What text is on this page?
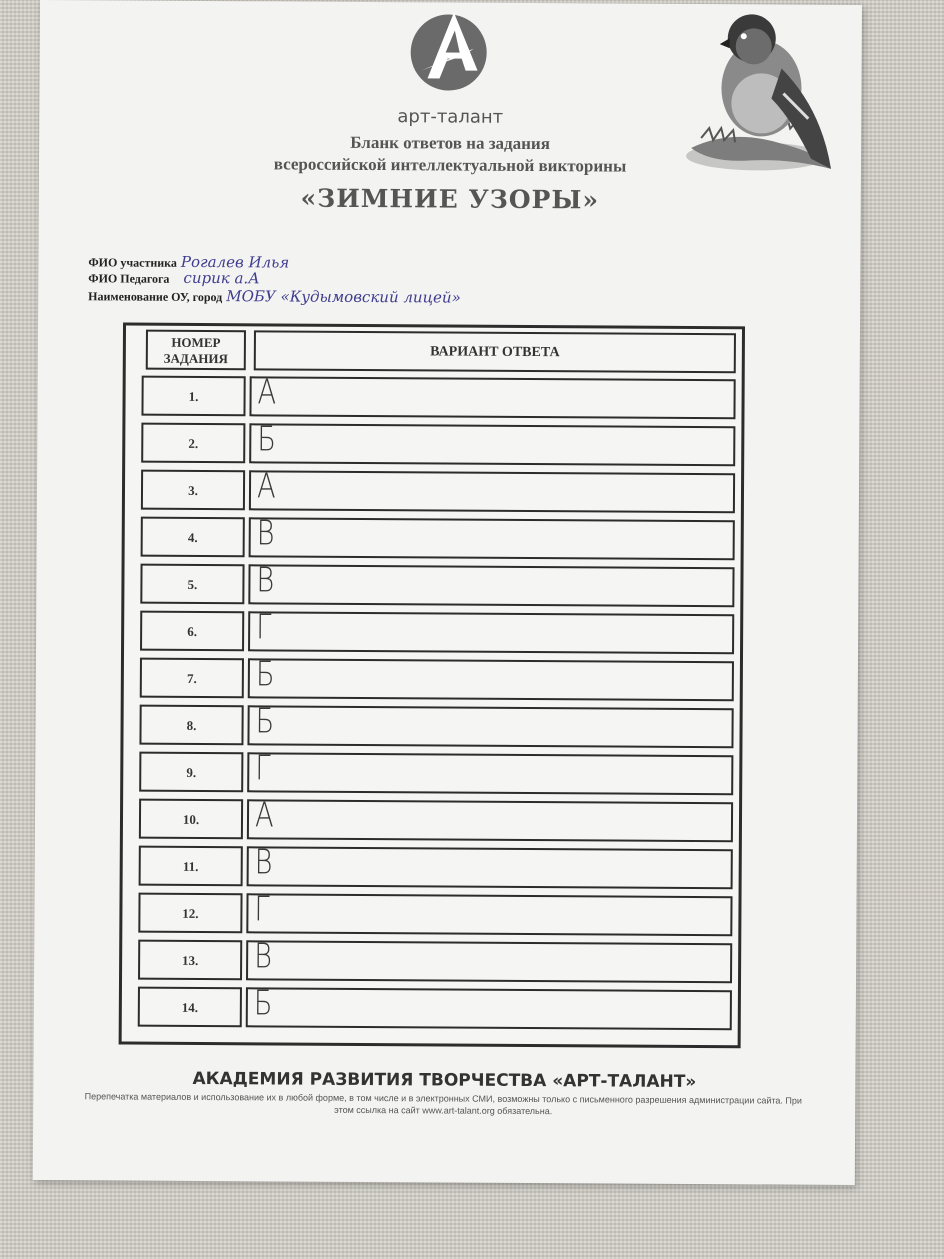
арт-талант
Бланк ответов на задания
всероссийской интеллектуальной викторины
«ЗИМНИЕ УЗОРЫ»
ФИО участника Рогалев Илья
ФИО Педагога сирик а.А
Наименование ОУ, город МОБУ «Кудымовский лицей»
НОМЕР
ЗАДАНИЯ	ВАРИАНТ ОТВЕТА
1.	А
2.	Б
3.	А
4.	В
5.	В
6.	Г
7.	Б
8.	Б
9.	Г
10.	А
11.	В
12.	Г
13.	В
14.	Б
АКАДЕМИЯ РАЗВИТИЯ ТВОРЧЕСТВА «АРТ-ТАЛАНТ»
Перепечатка материалов и использование их в любой форме, в том числе и в электронных СМИ, возможны только с письменного разрешения администрации сайта. При этом ссылка на сайт www.art-talant.org обязательна.
